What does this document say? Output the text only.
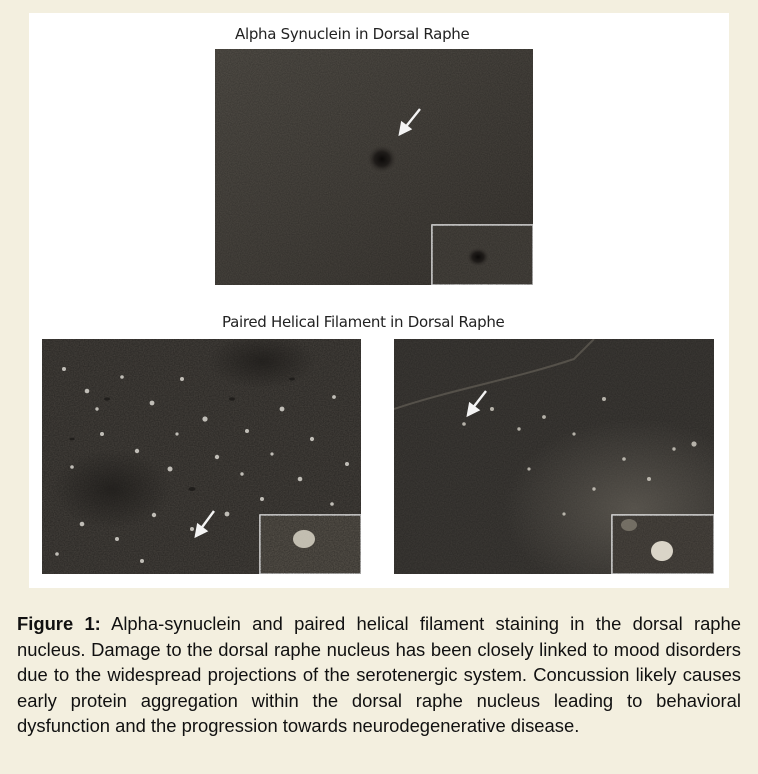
Alpha Synuclein in Dorsal Raphe
Paired Helical Filament in Dorsal Raphe

Figure 1: Alpha-synuclein and paired helical filament staining in the dorsal raphe nucleus. Damage to the dorsal raphe nucleus has been closely linked to mood disorders due to the widespread projections of the serotenergic system. Concussion likely causes early protein aggregation within the dorsal raphe nucleus leading to behavioral dysfunction and the progression towards neurodegenerative disease.
